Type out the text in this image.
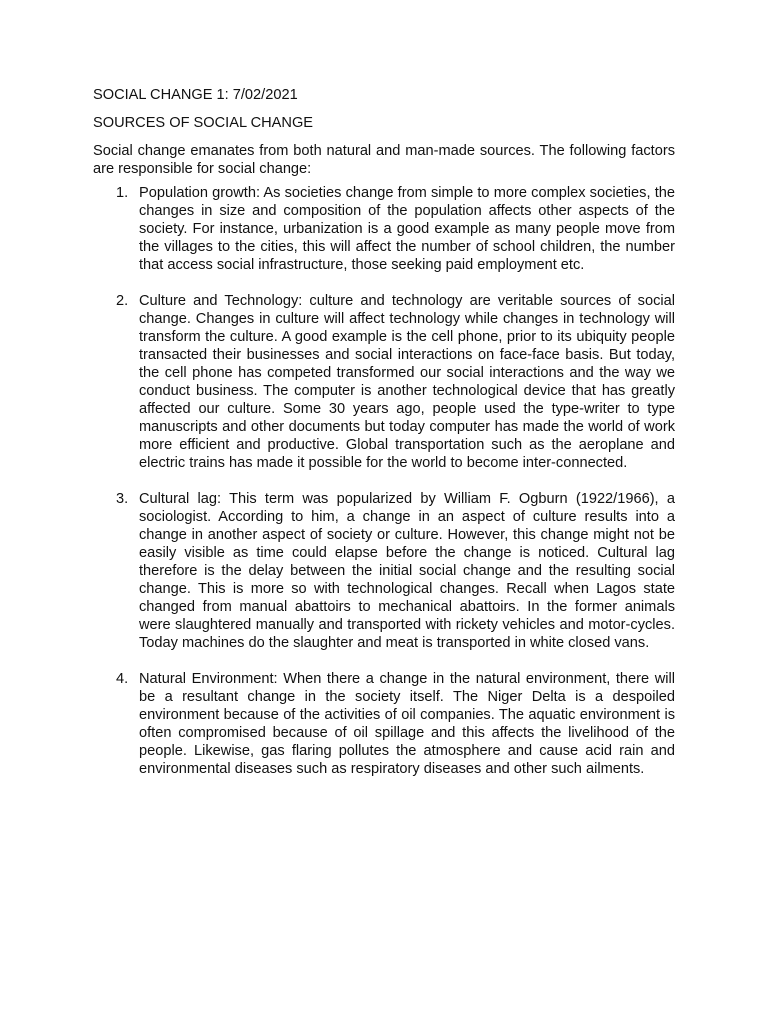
SOCIAL CHANGE 1: 7/02/2021

SOURCES OF SOCIAL CHANGE

Social change emanates from both natural and man-made sources. The following factors are responsible for social change:

1. Population growth: As societies change from simple to more complex societies, the changes in size and composition of the population affects other aspects of the society. For instance, urbanization is a good example as many people move from the villages to the cities, this will affect the number of school children, the number that access social infrastructure, those seeking paid employment etc.
2. Culture and Technology: culture and technology are veritable sources of social change. Changes in culture will affect technology while changes in technology will transform the culture. A good example is the cell phone, prior to its ubiquity people transacted their businesses and social interactions on face-face basis. But today, the cell phone has competed transformed our social interactions and the way we conduct business. The computer is another technological device that has greatly affected our culture. Some 30 years ago, people used the type-writer to type manuscripts and other documents but today computer has made the world of work more efficient and productive. Global transportation such as the aeroplane and electric trains has made it possible for the world to become inter-connected.
3. Cultural lag: This term was popularized by William F. Ogburn (1922/1966), a sociologist. According to him, a change in an aspect of culture results into a change in another aspect of society or culture. However, this change might not be easily visible as time could elapse before the change is noticed. Cultural lag therefore is the delay between the initial social change and the resulting social change. This is more so with technological changes. Recall when Lagos state changed from manual abattoirs to mechanical abattoirs. In the former animals were slaughtered manually and transported with rickety vehicles and motor-cycles. Today machines do the slaughter and meat is transported in white closed vans.
4. Natural Environment: When there a change in the natural environment, there will be a resultant change in the society itself. The Niger Delta is a despoiled environment because of the activities of oil companies. The aquatic environment is often compromised because of oil spillage and this affects the livelihood of the people. Likewise, gas flaring pollutes the atmosphere and cause acid rain and environmental diseases such as respiratory diseases and other such ailments.
